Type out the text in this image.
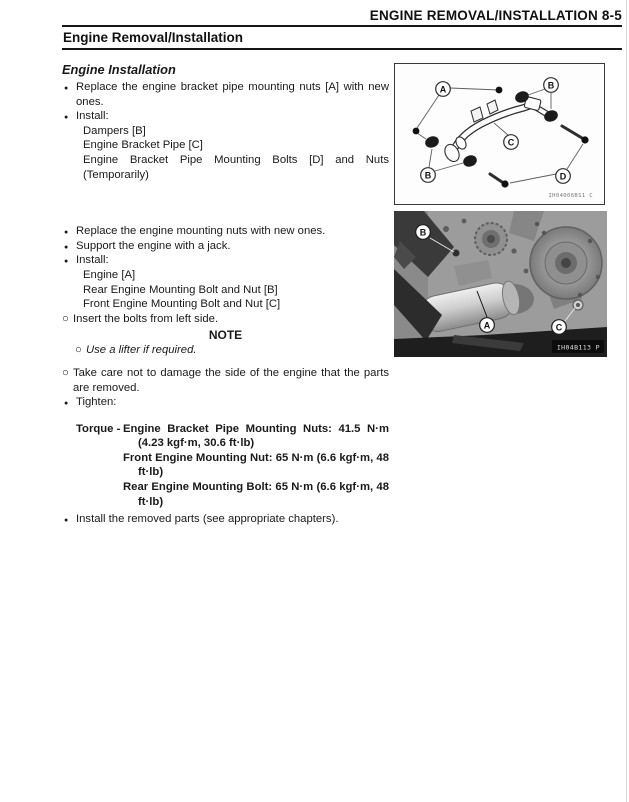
ENGINE REMOVAL/INSTALLATION 8-5
Engine Removal/Installation
Engine Installation
● Replace the engine bracket pipe mounting nuts [A] with new ones.
● Install:
Dampers [B]
Engine Bracket Pipe [C]
Engine Bracket Pipe Mounting Bolts [D] and Nuts (Temporarily)
● Replace the engine mounting nuts with new ones.
● Support the engine with a jack.
● Install:
Engine [A]
Rear Engine Mounting Bolt and Nut [B]
Front Engine Mounting Bolt and Nut [C]
○ Insert the bolts from left side.
NOTE
○ Use a lifter if required.
○ Take care not to damage the side of the engine that the parts are removed.
● Tighten:
Torque - Engine Bracket Pipe Mounting Nuts: 41.5 N·m (4.23 kgf·m, 30.6 ft·lb)

Front Engine Mounting Nut: 65 N·m (6.6 kgf·m, 48 ft·lb)

Rear Engine Mounting Bolt: 65 N·m (6.6 kgf·m, 48 ft·lb)

● Install the removed parts (see appropriate chapters).
A	B
C
B	D
IH04006BS1 C
B
A	C
IH04B113 P
